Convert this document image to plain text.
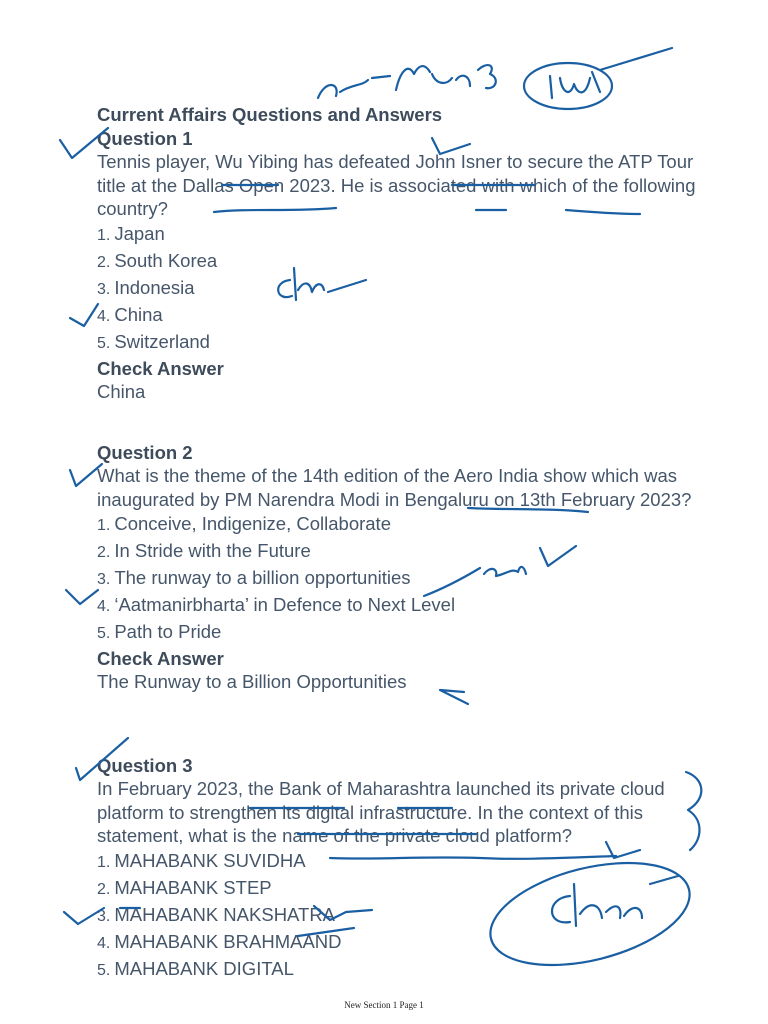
Current Affairs Questions and Answers
Question 1
Tennis player, Wu Yibing has defeated John Isner to secure the ATP Tour title at the Dallas Open 2023. He is associated with which of the following country?
1. Japan
2. South Korea
3. Indonesia
4. China
5. Switzerland
Check Answer
China
Question 2
What is the theme of the 14th edition of the Aero India show which was inaugurated by PM Narendra Modi in Bengaluru on 13th February 2023?
1. Conceive, Indigenize, Collaborate
2. In Stride with the Future
3. The runway to a billion opportunities
4. ‘Aatmanirbharta’ in Defence to Next Level
5. Path to Pride
Check Answer
The Runway to a Billion Opportunities
Question 3
In February 2023, the Bank of Maharashtra launched its private cloud platform to strengthen its digital infrastructure. In the context of this statement, what is the name of the private cloud platform?
1. MAHABANK SUVIDHA
2. MAHABANK STEP
3. MAHABANK NAKSHATRA
4. MAHABANK BRAHMAAND
5. MAHABANK DIGITAL
New Section 1 Page 1
